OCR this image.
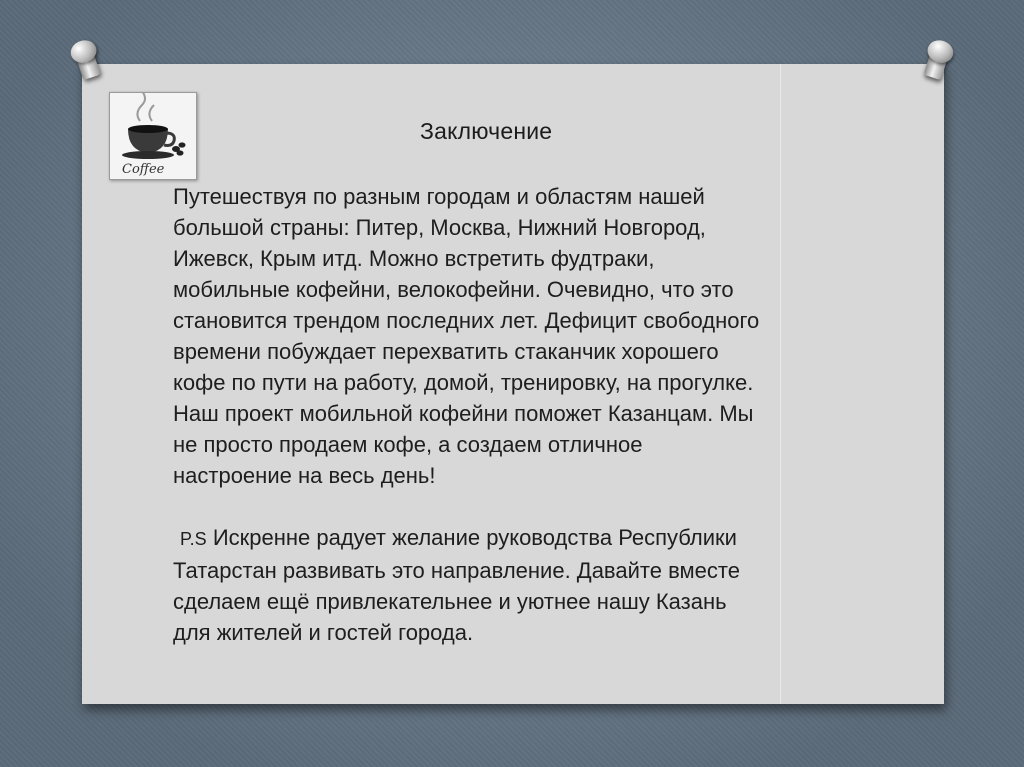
Coffee
Заключение

Путешествуя по разным городам и областям нашей

большой страны: Питер, Москва, Нижний Новгород,

Ижевск, Крым итд. Можно встретить фудтраки,

мобильные кофейни, велокофейни. Очевидно, что это

становится трендом последних лет. Дефицит свободного

времени побуждает перехватить стаканчик хорошего

кофе по пути на работу, домой, тренировку, на прогулке.

Наш проект мобильной кофейни поможет Казанцам. Мы

не просто продаем кофе, а создаем отличное

настроение на весь день!

P.S Искренне радует желание руководства Республики

Татарстан развивать это направление. Давайте вместе

сделаем ещё привлекательнее и уютнее нашу Казань

для жителей и гостей города.
